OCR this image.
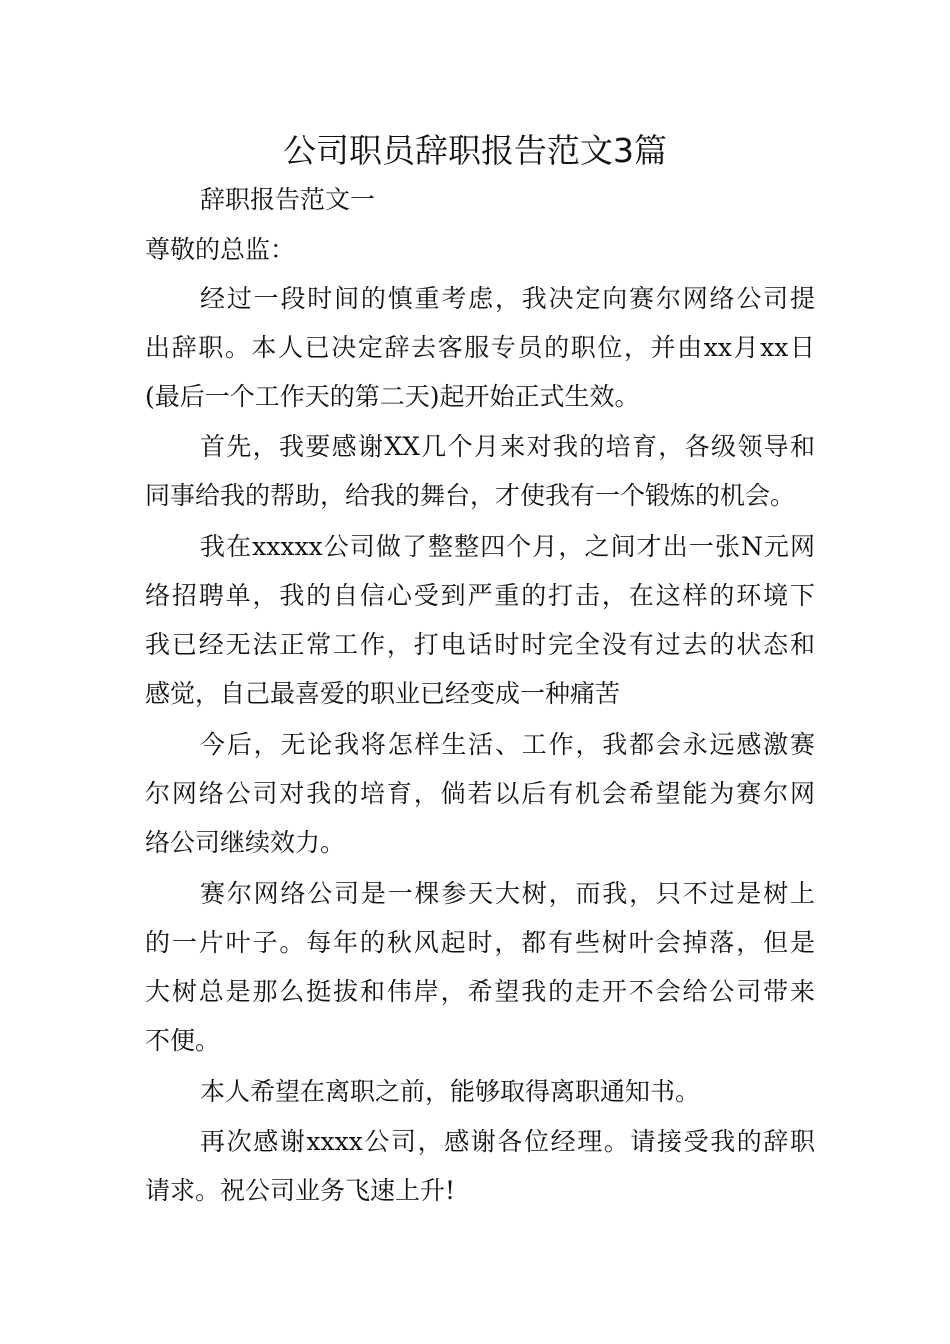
公司职员辞职报告范文3篇
辞职报告范文一
尊敬的总监：
经过一段时间的慎重考虑，我决定向赛尔网络公司提
出辞职。本人已决定辞去客服专员的职位，并由xx月xx日
(最后一个工作天的第二天)起开始正式生效。
首先，我要感谢XX几个月来对我的培育，各级领导和
同事给我的帮助，给我的舞台，才使我有一个锻炼的机会。
我在xxxxx公司做了整整四个月，之间才出一张N元网
络招聘单，我的自信心受到严重的打击，在这样的环境下
我已经无法正常工作，打电话时时完全没有过去的状态和
感觉，自己最喜爱的职业已经变成一种痛苦
今后，无论我将怎样生活、工作，我都会永远感激赛
尔网络公司对我的培育，倘若以后有机会希望能为赛尔网
络公司继续效力。
赛尔网络公司是一棵参天大树，而我，只不过是树上
的一片叶子。每年的秋风起时，都有些树叶会掉落，但是
大树总是那么挺拔和伟岸，希望我的走开不会给公司带来
不便。
本人希望在离职之前，能够取得离职通知书。
再次感谢xxxx公司，感谢各位经理。请接受我的辞职
请求。祝公司业务飞速上升!
